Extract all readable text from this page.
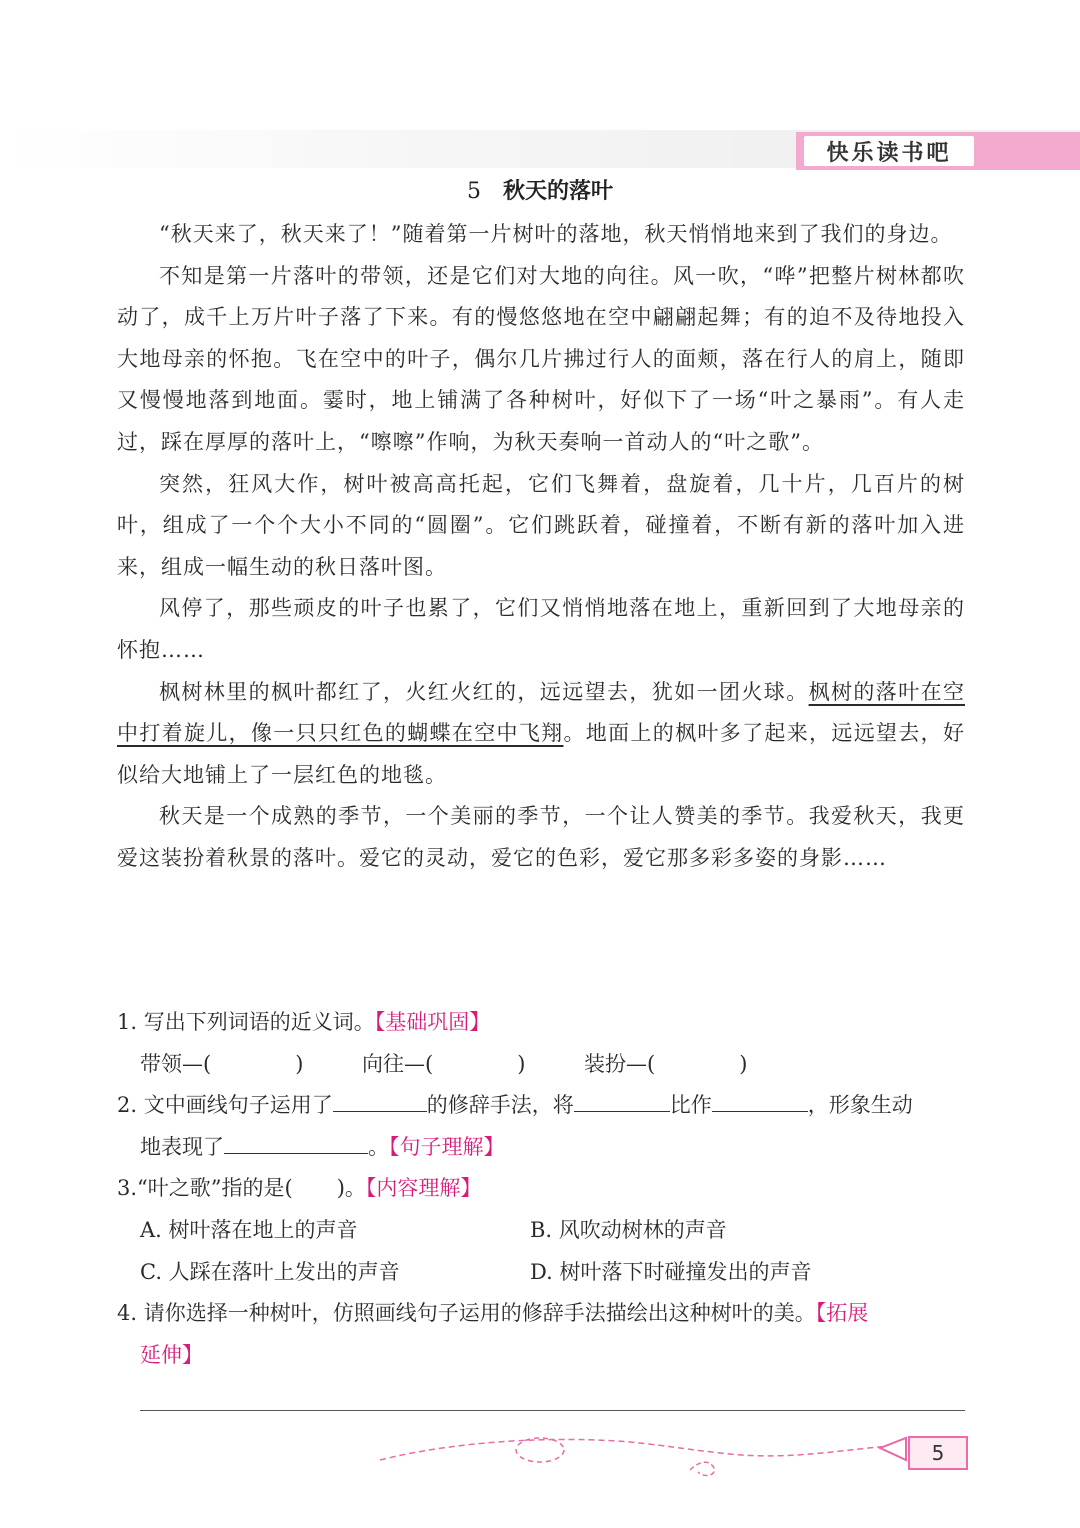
快乐读书吧
5 秋天的落叶

“秋天来了，秋天来了！”随着第一片树叶的落地，秋天悄悄地来到了我们的身边。

不知是第一片落叶的带领，还是它们对大地的向往。风一吹，“哗”把整片树林都吹动了，成千上万片叶子落了下来。有的慢悠悠地在空中翩翩起舞；有的迫不及待地投入大地母亲的怀抱。飞在空中的叶子，偶尔几片拂过行人的面颊，落在行人的肩上，随即又慢慢地落到地面。霎时，地上铺满了各种树叶，好似下了一场“叶之暴雨”。有人走过，踩在厚厚的落叶上，“嚓嚓”作响，为秋天奏响一首动人的“叶之歌”。

突然，狂风大作，树叶被高高托起，它们飞舞着，盘旋着，几十片，几百片的树叶，组成了一个个大小不同的“圆圈”。它们跳跃着，碰撞着，不断有新的落叶加入进来，组成一幅生动的秋日落叶图。

风停了，那些顽皮的叶子也累了，它们又悄悄地落在地上，重新回到了大地母亲的怀抱……

枫树林里的枫叶都红了，火红火红的，远远望去，犹如一团火球。枫树的落叶在空中打着旋儿，像一只只红色的蝴蝶在空中飞翔。地面上的枫叶多了起来，远远望去，好似给大地铺上了一层红色的地毯。

秋天是一个成熟的季节，一个美丽的季节，一个让人赞美的季节。我爱秋天，我更爱这装扮着秋景的落叶。爱它的灵动，爱它的色彩，爱它那多彩多姿的身影……

1. 写出下列词语的近义词。【基础巩固】
带领—(	)	向往—(	)	装扮—(	)
2. 文中画线句子运用了	的修辞手法，将	比作	，形象生动
地表现了	。【句子理解】
3.“叶之歌”指的是( )。【内容理解】
A. 树叶落在地上的声音	B. 风吹动树林的声音
C. 人踩在落叶上发出的声音	D. 树叶落下时碰撞发出的声音
4. 请你选择一种树叶，仿照画线句子运用的修辞手法描绘出这种树叶的美。【拓展
延伸】
5
